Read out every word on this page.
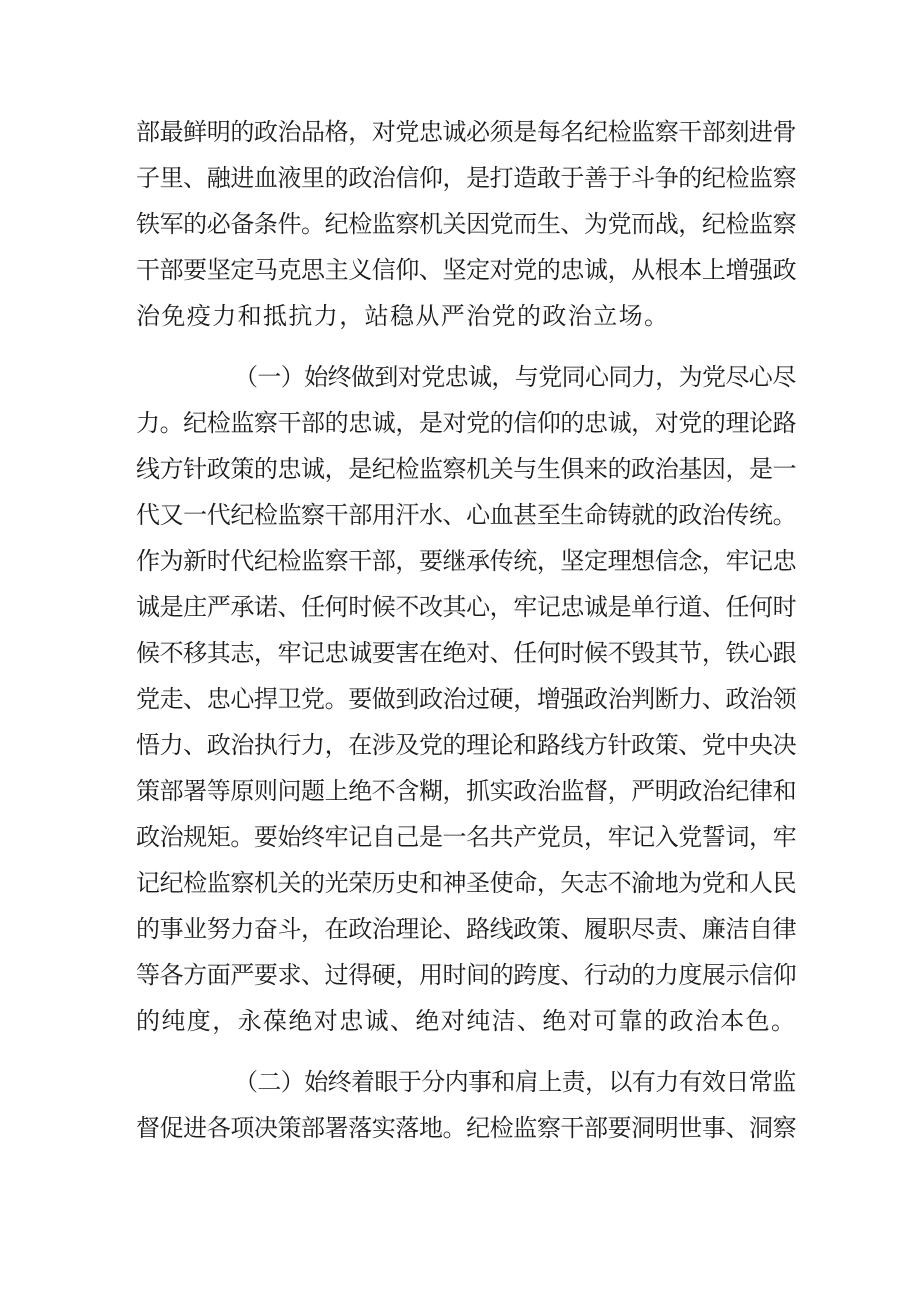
部最鲜明的政治品格，对党忠诚必须是每名纪检监察干部刻进骨
子里、融进血液里的政治信仰，是打造敢于善于斗争的纪检监察
铁军的必备条件。纪检监察机关因党而生、为党而战，纪检监察
干部要坚定马克思主义信仰、坚定对党的忠诚，从根本上增强政
治免疫力和抵抗力，站稳从严治党的政治立场。
（一）始终做到对党忠诚，与党同心同力，为党尽心尽
力。纪检监察干部的忠诚，是对党的信仰的忠诚，对党的理论路
线方针政策的忠诚，是纪检监察机关与生俱来的政治基因，是一
代又一代纪检监察干部用汗水、心血甚至生命铸就的政治传统。
作为新时代纪检监察干部，要继承传统，坚定理想信念，牢记忠
诚是庄严承诺、任何时候不改其心，牢记忠诚是单行道、任何时
候不移其志，牢记忠诚要害在绝对、任何时候不毁其节，铁心跟
党走、忠心捍卫党。要做到政治过硬，增强政治判断力、政治领
悟力、政治执行力，在涉及党的理论和路线方针政策、党中央决
策部署等原则问题上绝不含糊，抓实政治监督，严明政治纪律和
政治规矩。要始终牢记自己是一名共产党员，牢记入党誓词，牢
记纪检监察机关的光荣历史和神圣使命，矢志不渝地为党和人民
的事业努力奋斗，在政治理论、路线政策、履职尽责、廉洁自律
等各方面严要求、过得硬，用时间的跨度、行动的力度展示信仰
的纯度，永葆绝对忠诚、绝对纯洁、绝对可靠的政治本色。
（二）始终着眼于分内事和肩上责，以有力有效日常监
督促进各项决策部署落实落地。纪检监察干部要洞明世事、洞察
